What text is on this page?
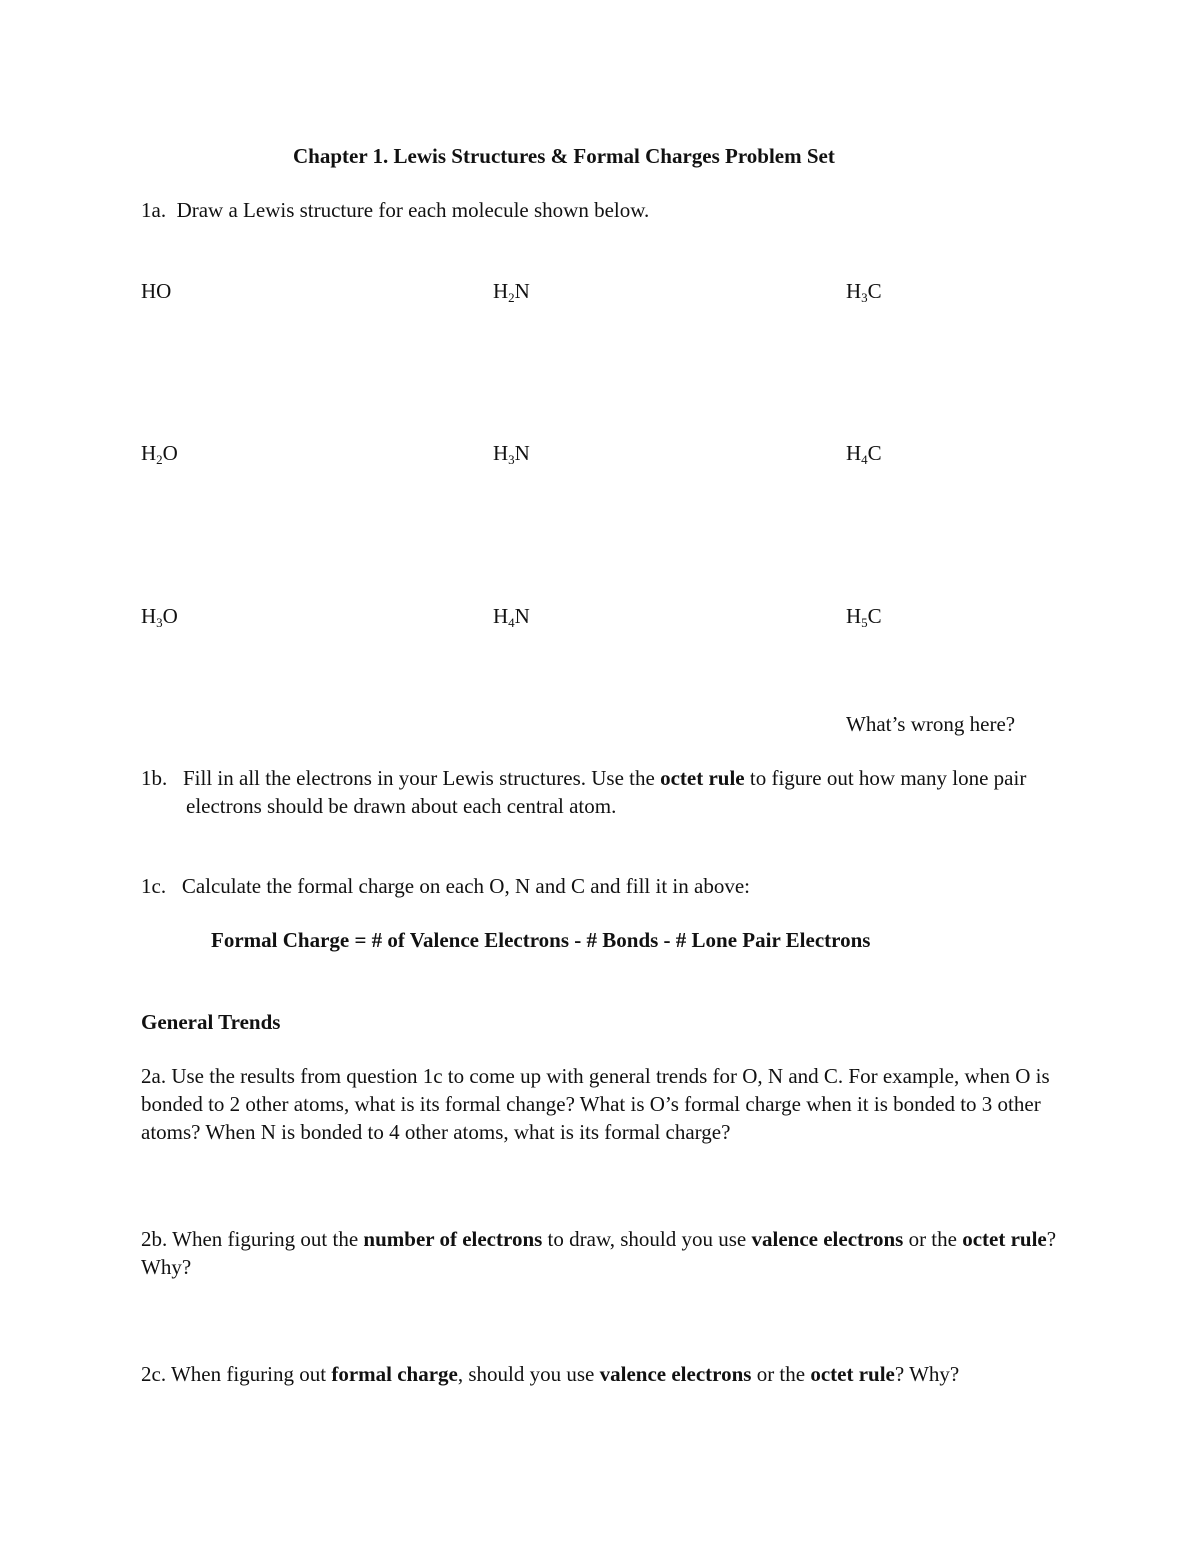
Chapter 1. Lewis Structures & Formal Charges Problem Set
1a. Draw a Lewis structure for each molecule shown below.
HO	$H_2N$	$H_3C$
$H_2O$	$H_3N$	$H_4C$
$H_3O$	$H_4N$	$H_5C$
What’s wrong here?
1b. Fill in all the electrons in your Lewis structures. Use the octet rule to figure out how many lone pair electrons should be drawn about each central atom.
1c. Calculate the formal charge on each O, N and C and fill it in above:
Formal Charge = # of Valence Electrons - # Bonds - # Lone Pair Electrons
General Trends
2a. Use the results from question 1c to come up with general trends for O, N and C. For example, when O is bonded to 2 other atoms, what is its formal change? What is O’s formal charge when it is bonded to 3 other atoms? When N is bonded to 4 other atoms, what is its formal charge?
2b. When figuring out the number of electrons to draw, should you use valence electrons or the octet rule? Why?
2c. When figuring out formal charge, should you use valence electrons or the octet rule? Why?
